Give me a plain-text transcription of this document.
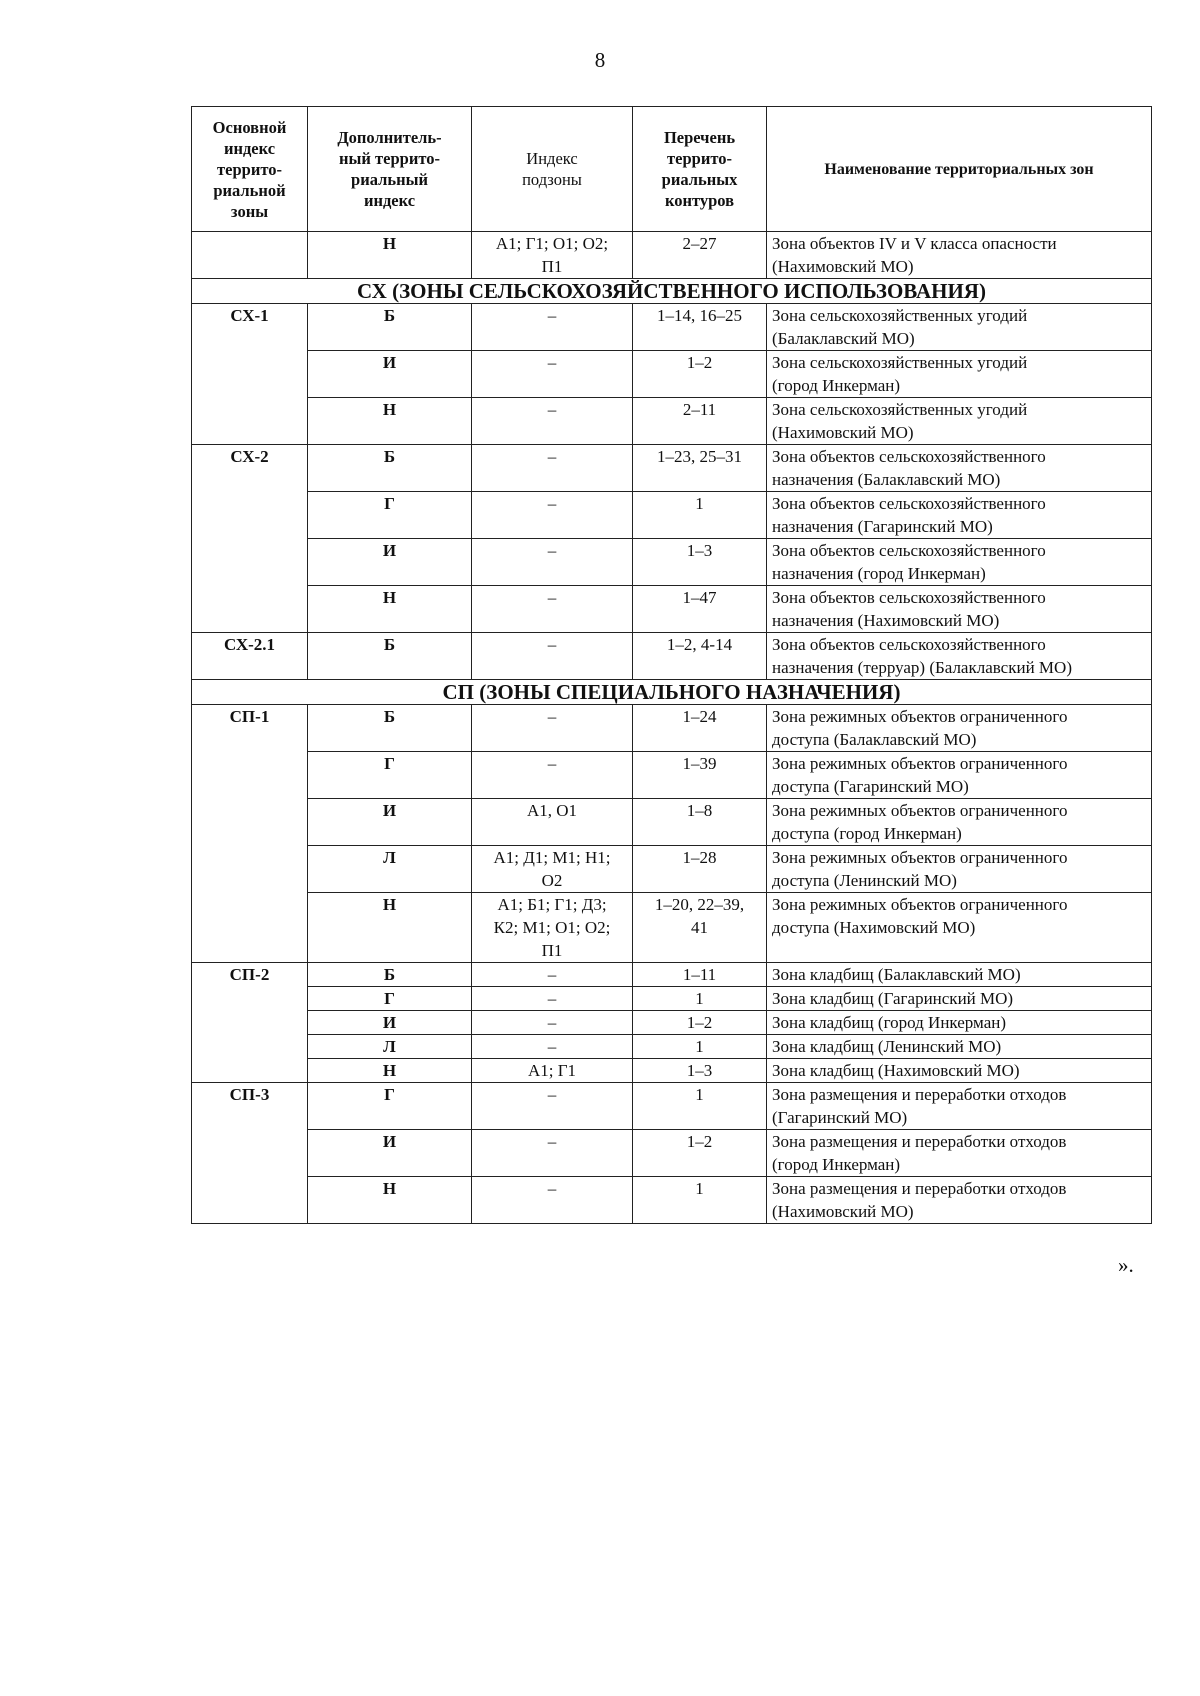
8
Основной
индекс
террито-
риальной
зоны	Дополнитель-
ный террито-
риальный
индекс	Индекс
подзоны	Перечень
террито-
риальных
контуров	Наименование территориальных зон
	Н	А1; Г1; О1; О2;
П1	2–27	Зона объектов IV и V класса опасности
(Нахимовский МО)
СХ (ЗОНЫ СЕЛЬСКОХОЗЯЙСТВЕННОГО ИСПОЛЬЗОВАНИЯ)				
СХ-1	Б	–	1–14, 16–25	Зона сельскохозяйственных угодий
(Балаклавский МО)
	И	–	1–2	Зона сельскохозяйственных угодий
(город Инкерман)
	Н	–	2–11	Зона сельскохозяйственных угодий
(Нахимовский МО)
СХ-2	Б	–	1–23, 25–31	Зона объектов сельскохозяйственного
назначения (Балаклавский МО)
	Г	–	1	Зона объектов сельскохозяйственного
назначения (Гагаринский МО)
	И	–	1–3	Зона объектов сельскохозяйственного
назначения (город Инкерман)
	Н	–	1–47	Зона объектов сельскохозяйственного
назначения (Нахимовский МО)
СХ-2.1	Б	–	1–2, 4-14	Зона объектов сельскохозяйственного
назначения (терруар) (Балаклавский МО)
СП (ЗОНЫ СПЕЦИАЛЬНОГО НАЗНАЧЕНИЯ)				
СП-1	Б	–	1–24	Зона режимных объектов ограниченного
доступа (Балаклавский МО)
	Г	–	1–39	Зона режимных объектов ограниченного
доступа (Гагаринский МО)
	И	А1, О1	1–8	Зона режимных объектов ограниченного
доступа (город Инкерман)
	Л	А1; Д1; М1; Н1;
О2	1–28	Зона режимных объектов ограниченного
доступа (Ленинский МО)
	Н	А1; Б1; Г1; Д3;
К2; М1; О1; О2;
П1	1–20, 22–39,
41	Зона режимных объектов ограниченного
доступа (Нахимовский МО)
СП-2	Б	–	1–11	Зона кладбищ (Балаклавский МО)
	Г	–	1	Зона кладбищ (Гагаринский МО)
	И	–	1–2	Зона кладбищ (город Инкерман)
	Л	–	1	Зона кладбищ (Ленинский МО)
	Н	А1; Г1	1–3	Зона кладбищ (Нахимовский МО)
СП-3	Г	–	1	Зона размещения и переработки отходов
(Гагаринский МО)
	И	–	1–2	Зона размещения и переработки отходов
(город Инкерман)
	Н	–	1	Зона размещения и переработки отходов
(Нахимовский МО)
».
